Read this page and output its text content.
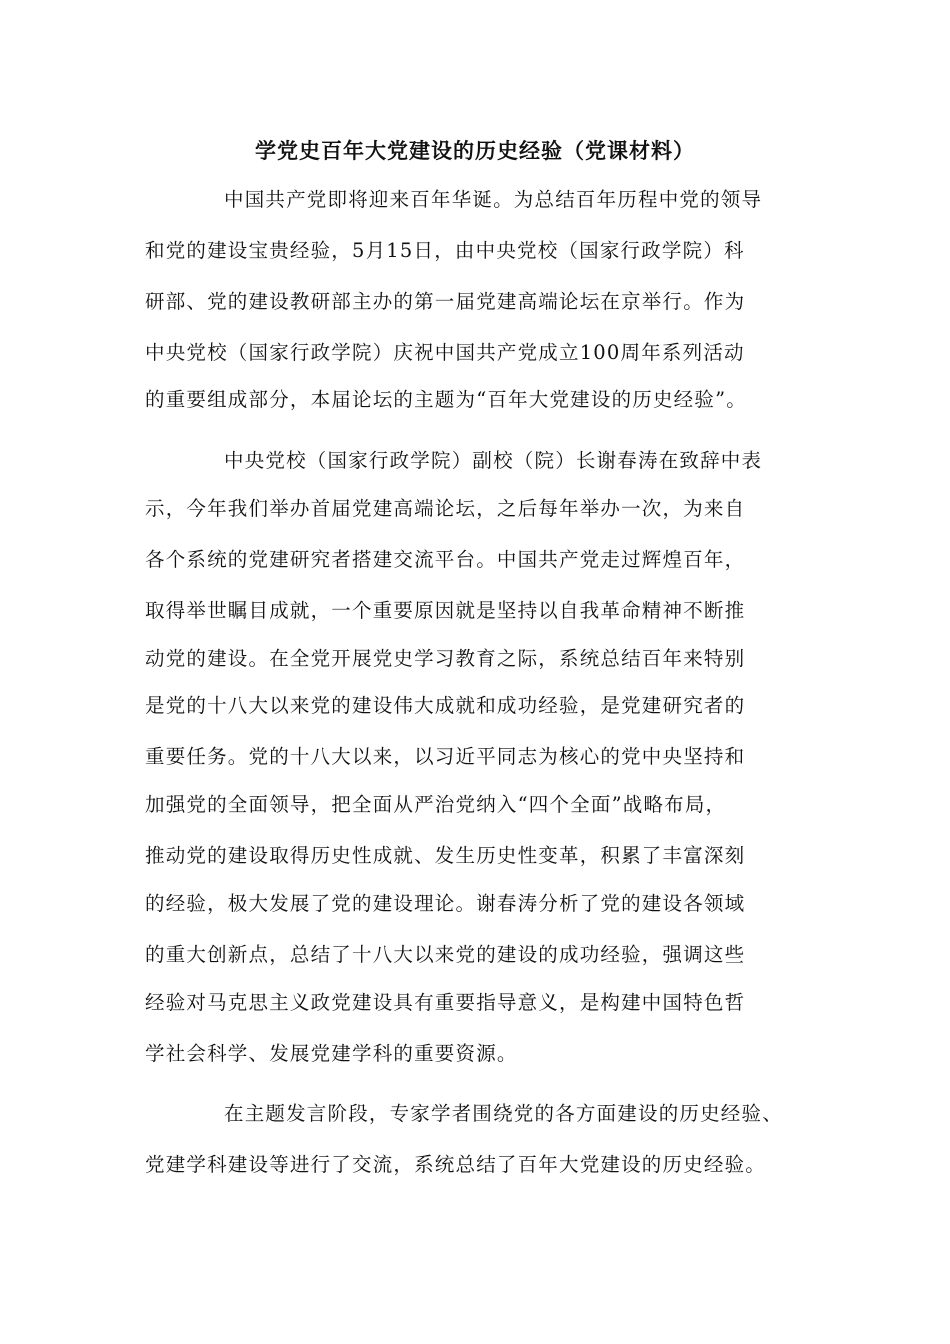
学党史百年大党建设的历史经验（党课材料）
中国共产党即将迎来百年华诞。为总结百年历程中党的领导
和党的建设宝贵经验，5月15日，由中央党校（国家行政学院）科
研部、党的建设教研部主办的第一届党建高端论坛在京举行。作为
中央党校（国家行政学院）庆祝中国共产党成立100周年系列活动
的重要组成部分，本届论坛的主题为“百年大党建设的历史经验”。
中央党校（国家行政学院）副校（院）长谢春涛在致辞中表
示，今年我们举办首届党建高端论坛，之后每年举办一次，为来自
各个系统的党建研究者搭建交流平台。中国共产党走过辉煌百年，
取得举世瞩目成就，一个重要原因就是坚持以自我革命精神不断推
动党的建设。在全党开展党史学习教育之际，系统总结百年来特别
是党的十八大以来党的建设伟大成就和成功经验，是党建研究者的
重要任务。党的十八大以来，以习近平同志为核心的党中央坚持和
加强党的全面领导，把全面从严治党纳入“四个全面”战略布局，
推动党的建设取得历史性成就、发生历史性变革，积累了丰富深刻
的经验，极大发展了党的建设理论。谢春涛分析了党的建设各领域
的重大创新点，总结了十八大以来党的建设的成功经验，强调这些
经验对马克思主义政党建设具有重要指导意义，是构建中国特色哲
学社会科学、发展党建学科的重要资源。
在主题发言阶段，专家学者围绕党的各方面建设的历史经验、
党建学科建设等进行了交流，系统总结了百年大党建设的历史经验。
